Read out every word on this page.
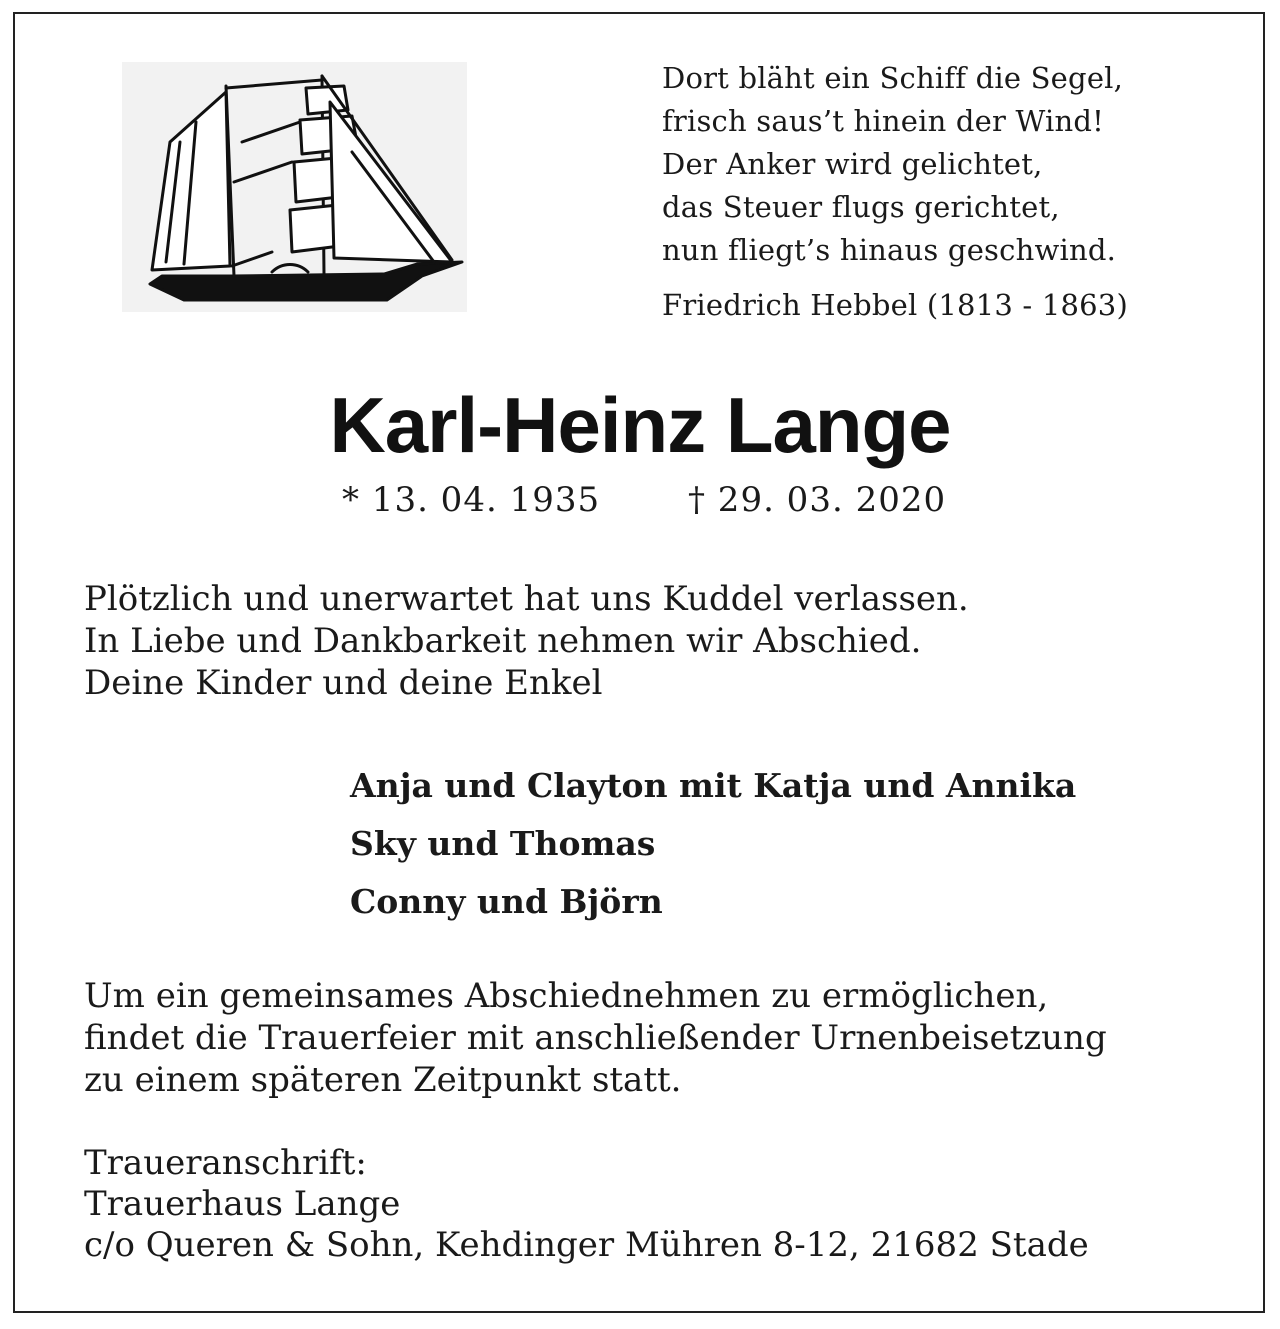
Dort bläht ein Schiff die Segel,
frisch saus’t hinein der Wind!
Der Anker wird gelichtet,
das Steuer flugs gerichtet,
nun fliegt’s hinaus geschwind.
Friedrich Hebbel (1813 - 1863)
Karl-Heinz Lange
* 13. 04. 1935	† 29. 03. 2020
Plötzlich und unerwartet hat uns Kuddel verlassen.
In Liebe und Dankbarkeit nehmen wir Abschied.
Deine Kinder und deine Enkel
Anja und Clayton mit Katja und Annika
Sky und Thomas
Conny und Björn
Um ein gemeinsames Abschiednehmen zu ermöglichen,
findet die Trauerfeier mit anschließender Urnenbeisetzung
zu einem späteren Zeitpunkt statt.
Traueranschrift:
Trauerhaus Lange
c/o Queren & Sohn, Kehdinger Mühren 8-12, 21682 Stade
